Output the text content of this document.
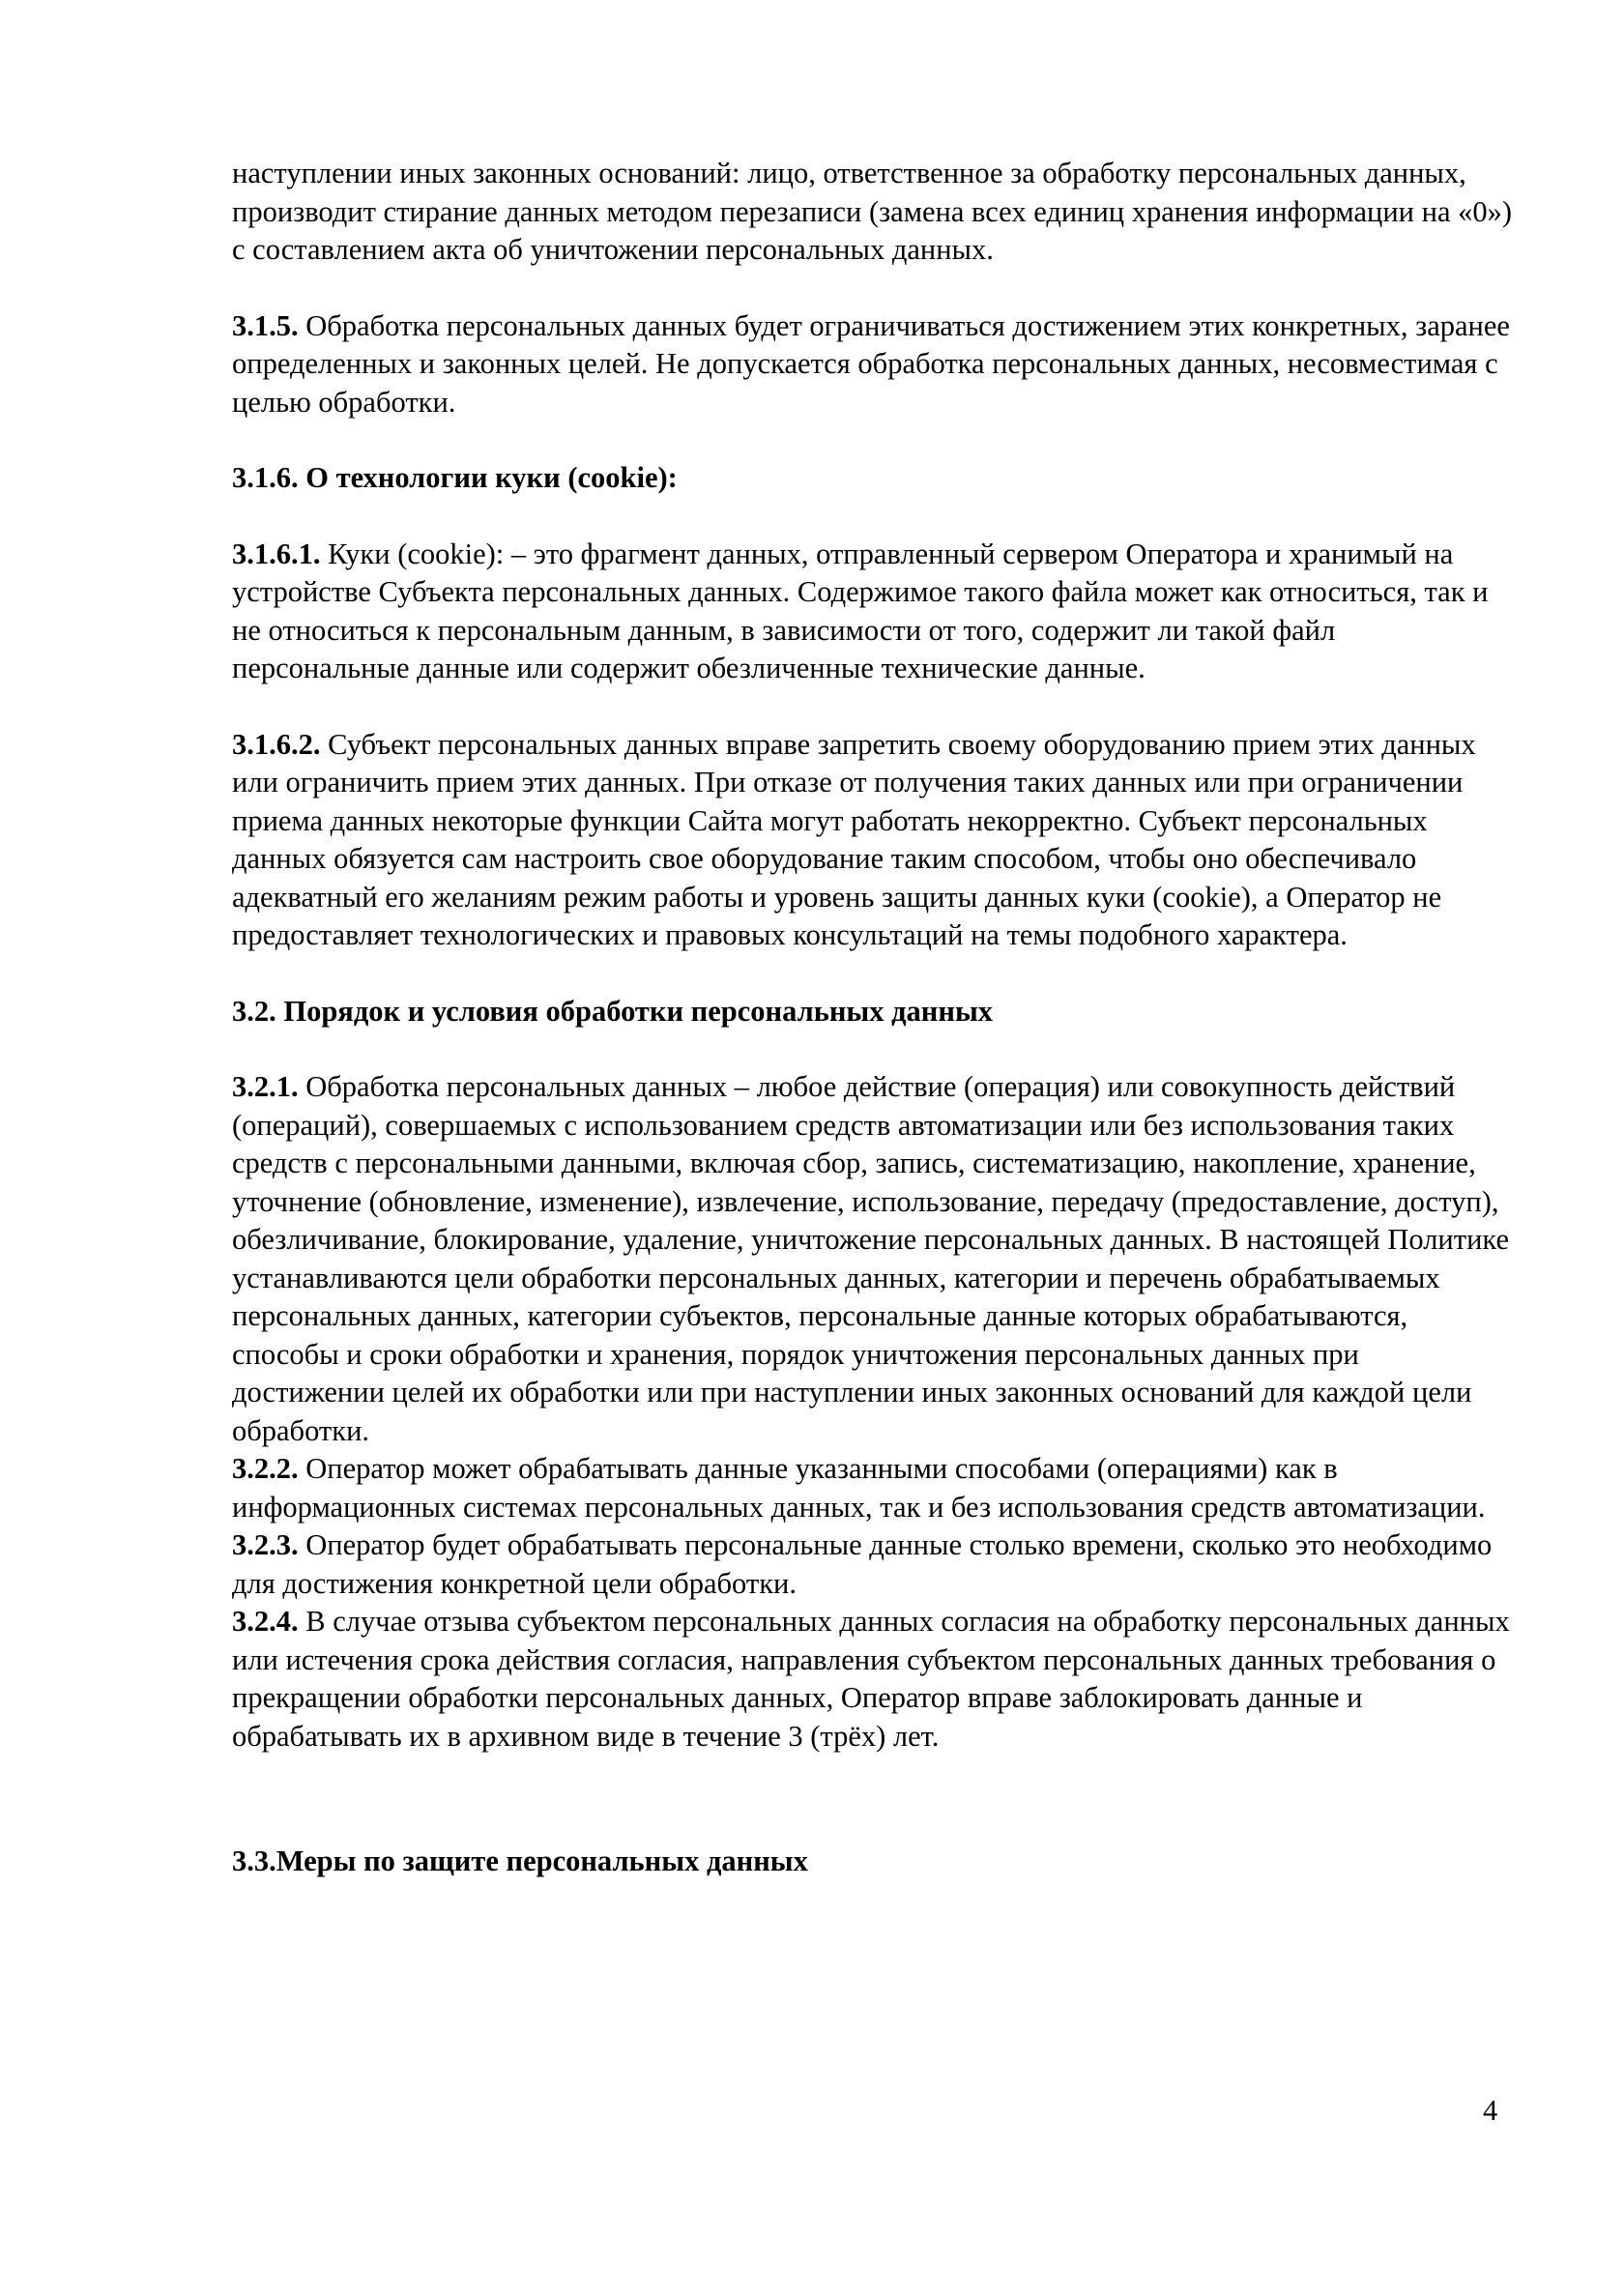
наступлении иных законных оснований: лицо, ответственное за обработку персональных данных, производит стирание данных методом перезаписи (замена всех единиц хранения информации на «0») с составлением акта об уничтожении персональных данных.

3.1.5. Обработка персональных данных будет ограничиваться достижением этих конкретных, заранее определенных и законных целей. Не допускается обработка персональных данных, несовместимая с целью обработки.

3.1.6. О технологии куки (cookie):

3.1.6.1. Куки (cookie): – это фрагмент данных, отправленный сервером Оператора и хранимый на устройстве Субъекта персональных данных. Содержимое такого файла может как относиться, так и не относиться к персональным данным, в зависимости от того, содержит ли такой файл персональные данные или содержит обезличенные технические данные.

3.1.6.2. Субъект персональных данных вправе запретить своему оборудованию прием этих данных или ограничить прием этих данных. При отказе от получения таких данных или при ограничении приема данных некоторые функции Сайта могут работать некорректно. Субъект персональных данных обязуется сам настроить свое оборудование таким способом, чтобы оно обеспечивало адекватный его желаниям режим работы и уровень защиты данных куки (cookie), а Оператор не предоставляет технологических и правовых консультаций на темы подобного характера.

3.2. Порядок и условия обработки персональных данных

3.2.1. Обработка персональных данных – любое действие (операция) или совокупность действий (операций), совершаемых с использованием средств автоматизации или без использования таких средств с персональными данными, включая сбор, запись, систематизацию, накопление, хранение, уточнение (обновление, изменение), извлечение, использование, передачу (предоставление, доступ), обезличивание, блокирование, удаление, уничтожение персональных данных. В настоящей Политике устанавливаются цели обработки персональных данных, категории и перечень обрабатываемых персональных данных, категории субъектов, персональные данные которых обрабатываются, способы и сроки обработки и хранения, порядок уничтожения персональных данных при достижении целей их обработки или при наступлении иных законных оснований для каждой цели обработки.

3.2.2. Оператор может обрабатывать данные указанными способами (операциями) как в информационных системах персональных данных, так и без использования средств автоматизации.

3.2.3. Оператор будет обрабатывать персональные данные столько времени, сколько это необходимо для достижения конкретной цели обработки.

3.2.4. В случае отзыва субъектом персональных данных согласия на обработку персональных данных или истечения срока действия согласия, направления субъектом персональных данных требования о прекращении обработки персональных данных, Оператор вправе заблокировать данные и обрабатывать их в архивном виде в течение 3 (трёх) лет.

3.3.Меры по защите персональных данных

4
